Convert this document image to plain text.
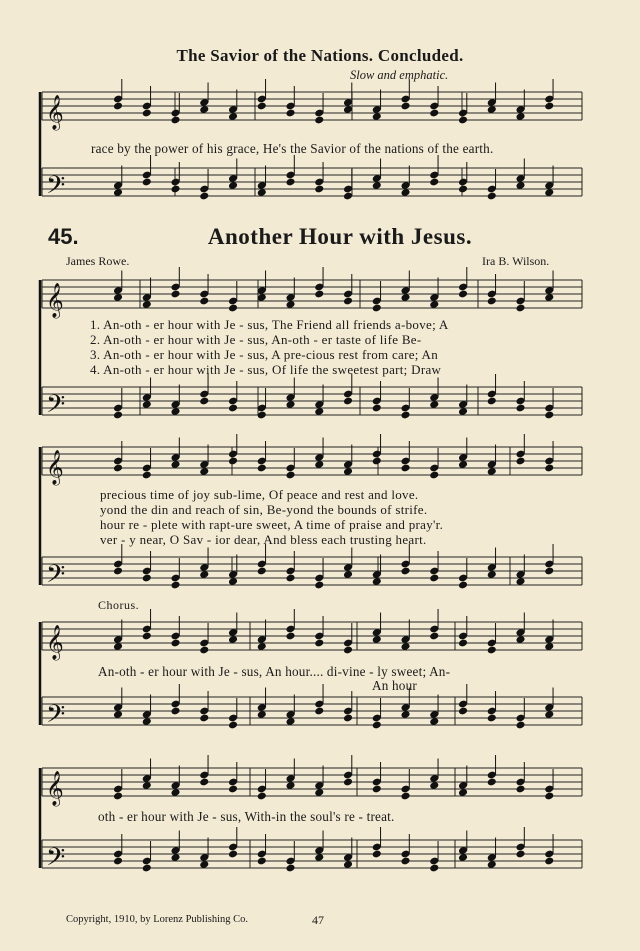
𝄞
𝄢
𝄞
𝄢
𝄞
𝄢
𝄞
𝄢
𝄞
𝄢
The Savior of the Nations. Concluded.
Slow and emphatic.
race by the power of his grace, He's the Savior of the nations of the earth.
45.	Another Hour with Jesus.
James Rowe.	Ira B. Wilson.
1. An-oth - er hour with Je - sus, The Friend all friends a-bove; A
2. An-oth - er hour with Je - sus, An-oth - er taste of life Be-
3. An-oth - er hour with Je - sus, A pre-cious rest from care; An
4. An-oth - er hour with Je - sus, Of life the sweetest part; Draw
precious time of joy sub-lime, Of peace and rest and love.
yond the din and reach of sin, Be-yond the bounds of strife.
hour re - plete with rapt-ure sweet, A time of praise and pray'r.
ver - y near, O Sav - ior dear, And bless each trusting heart.
Chorus.
An-oth - er hour with Je - sus, An hour.... di-vine - ly sweet; An-
An hour
oth - er hour with Je - sus, With-in the soul's re - treat.
Copyright, 1910, by Lorenz Publishing Co.	47
